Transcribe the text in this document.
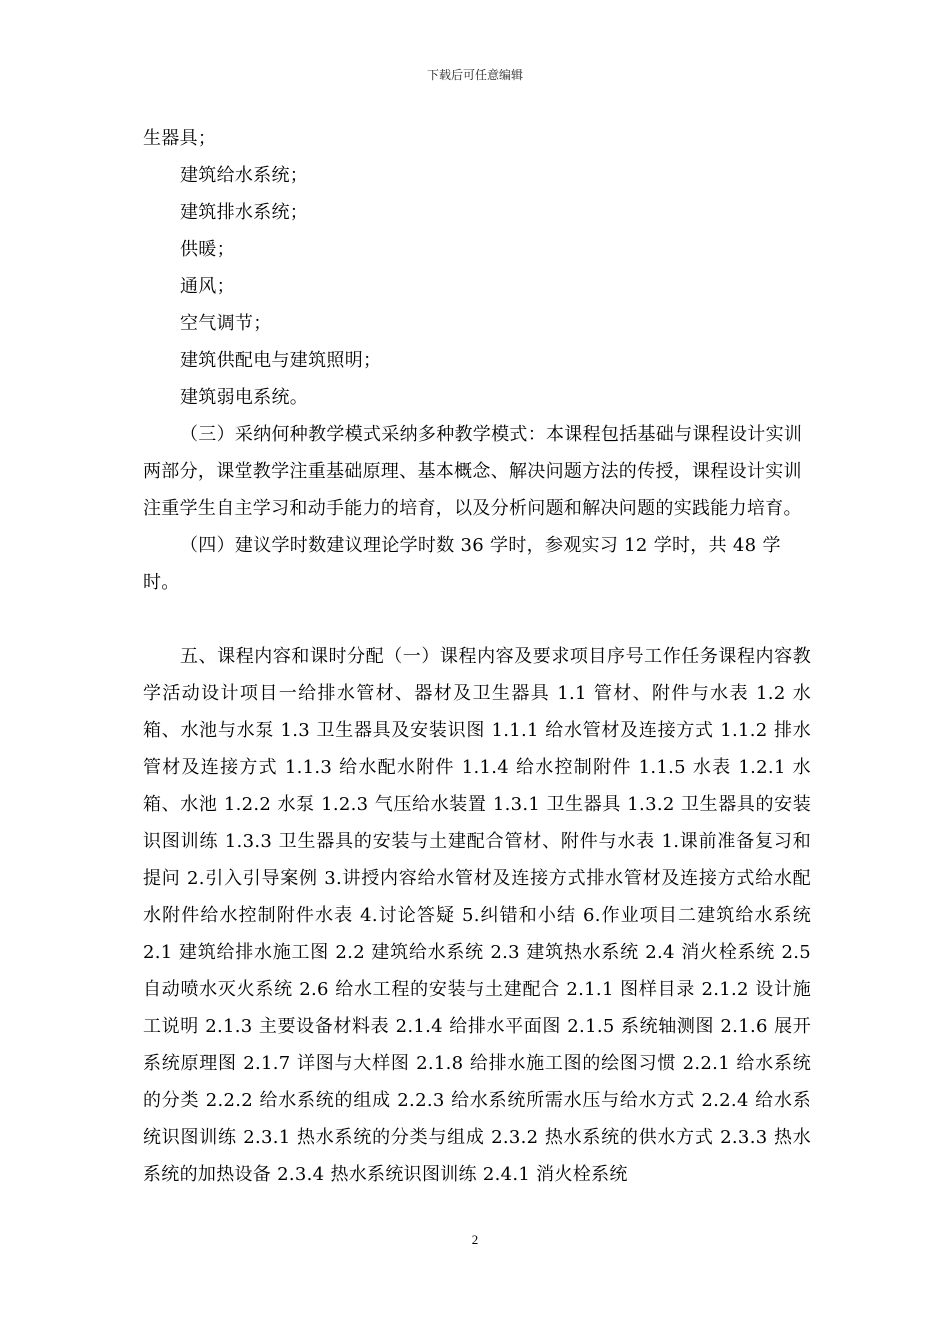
下载后可任意编辑

生器具；

建筑给水系统；

建筑排水系统；

供暖；

通风；

空气调节；

建筑供配电与建筑照明；

建筑弱电系统。

（三）采纳何种教学模式采纳多种教学模式：本课程包括基础与课程设计实训两部分，课堂教学注重基础原理、基本概念、解决问题方法的传授，课程设计实训注重学生自主学习和动手能力的培育，以及分析问题和解决问题的实践能力培育。

（四）建议学时数建议理论学时数 36 学时，参观实习 12 学时，共 48 学时。

五、课程内容和课时分配（一）课程内容及要求项目序号工作任务课程内容教学活动设计项目一给排水管材、器材及卫生器具 1.1 管材、附件与水表 1.2 水箱、水池与水泵 1.3 卫生器具及安装识图 1.1.1 给水管材及连接方式 1.1.2 排水管材及连接方式 1.1.3 给水配水附件 1.1.4 给水控制附件 1.1.5 水表 1.2.1 水箱、水池 1.2.2 水泵 1.2.3 气压给水装置 1.3.1 卫生器具 1.3.2 卫生器具的安装识图训练 1.3.3 卫生器具的安装与土建配合管材、附件与水表 1.课前准备复习和提问 2.引入引导案例 3.讲授内容给水管材及连接方式排水管材及连接方式给水配水附件给水控制附件水表 4.讨论答疑 5.纠错和小结 6.作业项目二建筑给水系统 2.1 建筑给排水施工图 2.2 建筑给水系统 2.3 建筑热水系统 2.4 消火栓系统 2.5 自动喷水灭火系统 2.6 给水工程的安装与土建配合 2.1.1 图样目录 2.1.2 设计施工说明 2.1.3 主要设备材料表 2.1.4 给排水平面图 2.1.5 系统轴测图 2.1.6 展开系统原理图 2.1.7 详图与大样图 2.1.8 给排水施工图的绘图习惯 2.2.1 给水系统的分类 2.2.2 给水系统的组成 2.2.3 给水系统所需水压与给水方式 2.2.4 给水系统识图训练 2.3.1 热水系统的分类与组成 2.3.2 热水系统的供水方式 2.3.3 热水系统的加热设备 2.3.4 热水系统识图训练 2.4.1 消火栓系统

2
